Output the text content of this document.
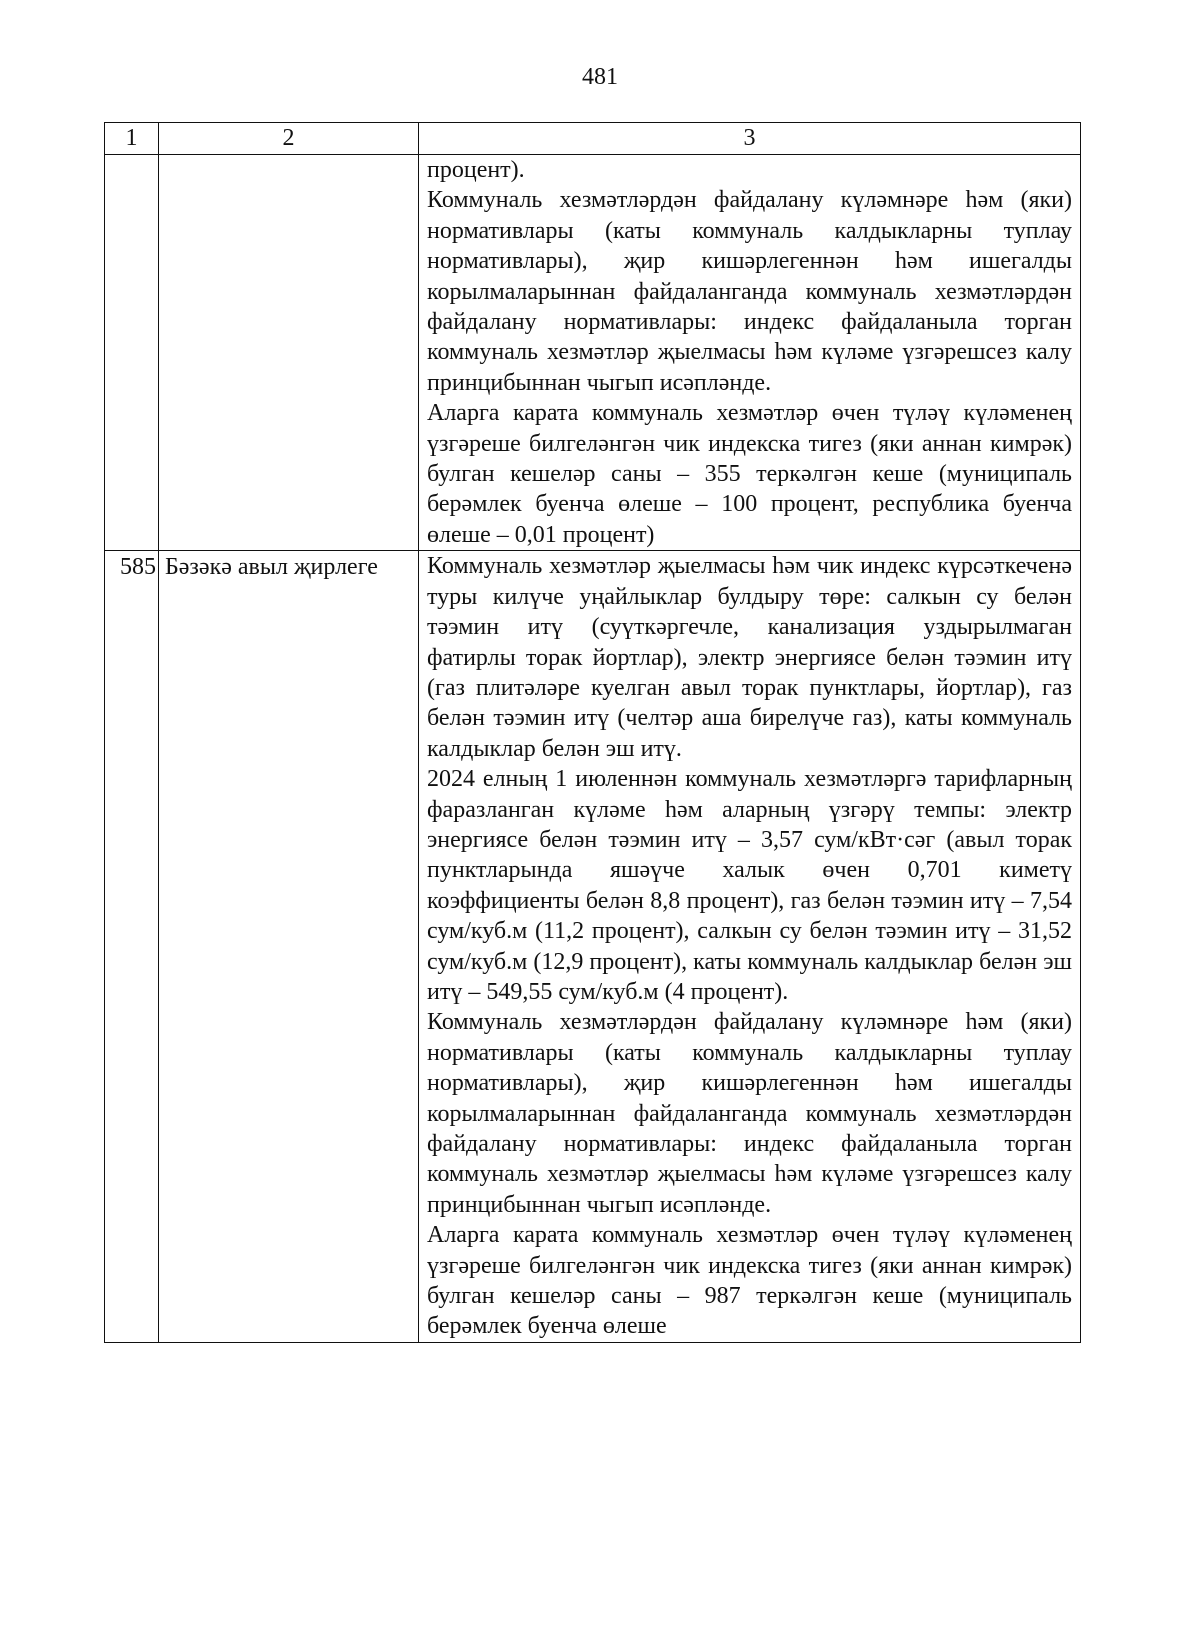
481
1	2	3

		процент).

Коммуналь хезмәтләрдән файдалану күләмнәре һәм (яки) нормативлары (каты коммуналь калдыкларны туплау нормативлары), җир кишәрлегеннән һәм ишегалды корылмаларыннан файдаланганда коммуналь хезмәтләрдән файдалану нормативлары: индекс файдаланыла торган коммуналь хезмәтләр җыелмасы һәм күләме үзгәрешсез калу принцибыннан чыгып исәпләнде.

Аларга карата коммуналь хезмәтләр өчен түләү күләменең үзгәреше билгеләнгән чик индекска тигез (яки аннан кимрәк) булган кешеләр саны – 355 теркәлгән кеше (муниципаль берәмлек буенча өлеше – 100 процент, республика буенча өлеше – 0,01 процент)

585	Бәзәкә авыл җирлеге	Коммуналь хезмәтләр җыелмасы һәм чик индекс күрсәткеченә туры килүче уңайлыклар булдыру төре: салкын су белән тәэмин итү (суүткәргечле, канализация уздырылмаган фатирлы торак йортлар), электр энергиясе белән тәэмин итү (газ плитәләре куелган авыл торак пунктлары, йортлар), газ белән тәэмин итү (челтәр аша бирелүче газ), каты коммуналь калдыклар белән эш итү.

2024 елның 1 июленнән коммуналь хезмәтләргә тарифларның фаразланган күләме һәм аларның үзгәрү темпы: электр энергиясе белән тәэмин итү – 3,57 сум/кВт·сәг (авыл торак пунктларында яшәүче халык өчен 0,701 киметү коэффициенты белән 8,8 процент), газ белән тәэмин итү – 7,54 сум/куб.м (11,2 процент), салкын су белән тәэмин итү – 31,52 сум/куб.м (12,9 процент), каты коммуналь калдыклар белән эш итү – 549,55 сум/куб.м (4 процент).

Коммуналь хезмәтләрдән файдалану күләмнәре һәм (яки) нормативлары (каты коммуналь калдыкларны туплау нормативлары), җир кишәрлегеннән һәм ишегалды корылмаларыннан файдаланганда коммуналь хезмәтләрдән файдалану нормативлары: индекс файдаланыла торган коммуналь хезмәтләр җыелмасы һәм күләме үзгәрешсез калу принцибыннан чыгып исәпләнде.

Аларга карата коммуналь хезмәтләр өчен түләү күләменең үзгәреше билгеләнгән чик индекска тигез (яки аннан кимрәк) булган кешеләр саны – 987 теркәлгән кеше (муниципаль берәмлек буенча өлеше
